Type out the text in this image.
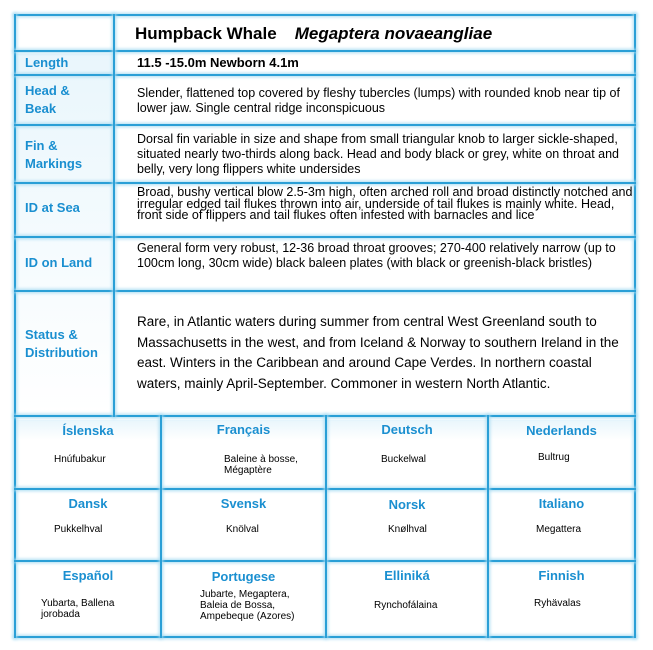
Humpback Whale Megaptera novaeangliae
Length	11.5 -15.0m Newborn 4.1m
Head & Beak
Slender, flattened top covered by fleshy tubercles (lumps) with rounded knob near tip of lower jaw. Single central ridge inconspicuous
Fin & Markings
Dorsal fin variable in size and shape from small triangular knob to larger sickle-shaped, situated nearly two-thirds along back. Head and body black or grey, white on throat and belly, very long flippers white undersides
ID at Sea
Broad, bushy vertical blow 2.5-3m high, often arched roll and broad distinctly notched and irregular edged tail flukes thrown into air, underside of tail flukes is mainly white. Head, front side of flippers and tail flukes often infested with barnacles and lice
ID on Land
General form very robust, 12-36 broad throat grooves; 270-400 relatively narrow (up to 100cm long, 30cm wide) black baleen plates (with black or greenish-black bristles)
Status & Distribution
Rare, in Atlantic waters during summer from central West Greenland south to Massachusetts in the west, and from Iceland & Norway to southern Ireland in the east. Winters in the Caribbean and around Cape Verdes. In northern coastal waters, mainly April-September. Commoner in western North Atlantic.
Íslenska
Hnúfubakur
Français
Baleine à bosse, Mégaptère
Deutsch
Buckelwal
Nederlands
Bultrug
Dansk
Pukkelhval
Svensk
Knölval
Norsk
Knølhval
Italiano
Megattera
Español
Yubarta, Ballena jorobada
Portugese
Jubarte, Megaptera, Baleia de Bossa, Ampebeque (Azores)
Elliniká
Rynchofálaina
Finnish
Ryhävalas
